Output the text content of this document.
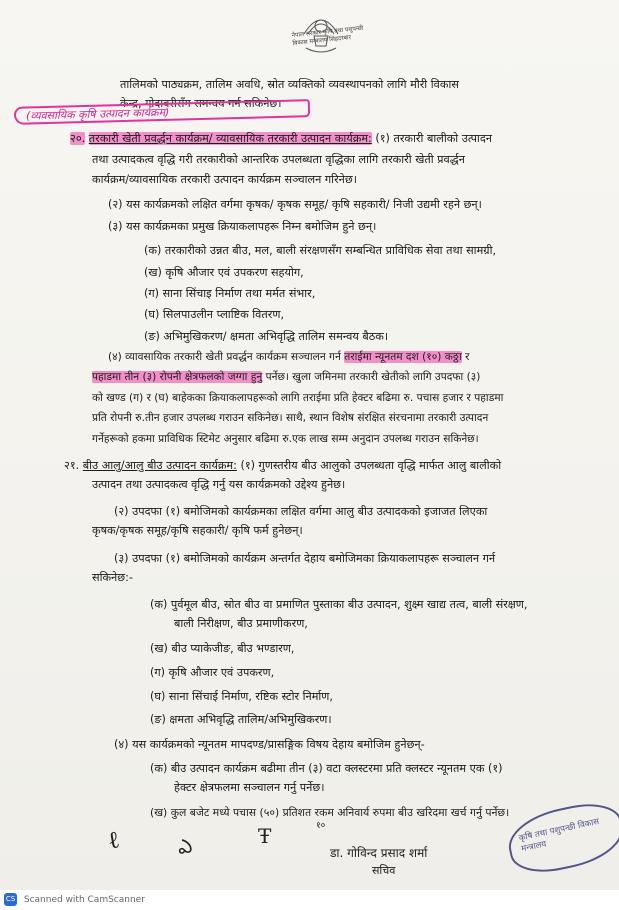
नेपाल सरकार कृषि तथा पशुपन्छी विकास मन्त्रालय सिंहदरबार
तालिमको पाठ्यक्रम, तालिम अवधि, स्रोत व्यक्तिको व्यवस्थापनको लागि मौरी विकास
केन्द्र, गोदावरीसँग समन्वय गर्न सकिनेछ।
(व्यवसायिक कृषि उत्पादन कार्यक्रम)
२०. तरकारी खेती प्रवर्द्धन कार्यक्रम/ व्यावसायिक तरकारी उत्पादन कार्यक्रम: (१) तरकारी बालीको उत्पादन
तथा उत्पादकत्व वृद्धि गरी तरकारीको आन्तरिक उपलब्धता वृद्धिका लागि तरकारी खेती प्रवर्द्धन
कार्यक्रम/व्यावसायिक तरकारी उत्पादन कार्यक्रम सञ्चालन गरिनेछ।
(२) यस कार्यक्रमको लक्षित वर्गमा कृषक/ कृषक समूह/ कृषि सहकारी/ निजी उद्यमी रहने छन्।
(३) यस कार्यक्रमका प्रमुख क्रियाकलापहरू निम्न बमोजिम हुने छन्।
(क) तरकारीको उन्नत बीउ, मल, बाली संरक्षणसँग सम्बन्धित प्राविधिक सेवा तथा सामग्री,
(ख) कृषि औजार एवं उपकरण सहयोग,
(ग) साना सिंचाइ निर्माण तथा मर्मत संभार,
(घ) सिलपाउलीन प्लाष्टिक वितरण,
(ङ) अभिमुखिकरण/ क्षमता अभिवृद्धि तालिम समन्वय बैठक।
(४) व्यावसायिक तरकारी खेती प्रवर्द्धन कार्यक्रम सञ्चालन गर्न तराईमा न्यूनतम दश (१०) कठ्ठा र
पहाडमा तीन (३) रोपनी क्षेत्रफलको जग्गा हुनु पर्नेछ। खुला जमिनमा तरकारी खेतीको लागि उपदफा (३)
को खण्ड (ग) र (घ) बाहेकका क्रियाकलापहरूको लागि तराईमा प्रति हेक्टर बढिमा रु. पचास हजार र पहाडमा
प्रति रोपनी रु.तीन हजार उपलब्ध गराउन सकिनेछ। साथै, स्थान विशेष संरक्षित संरचनामा तरकारी उत्पादन
गर्नेहरूको हकमा प्राविधिक स्टिमेट अनुसार बढिमा रु.एक लाख सम्म अनुदान उपलब्ध गराउन सकिनेछ।
२१. बीउ आलु/आलु बीउ उत्पादन कार्यक्रम: (१) गुणस्तरीय बीउ आलुको उपलब्धता वृद्धि मार्फत आलु बालीको
उत्पादन तथा उत्पादकत्व वृद्धि गर्नु यस कार्यक्रमको उद्देश्य हुनेछ।
(२) उपदफा (१) बमोजिमको कार्यक्रमका लक्षित वर्गमा आलु बीउ उत्पादकको इजाजत लिएका
कृषक/कृषक समूह/कृषि सहकारी/ कृषि फर्म हुनेछन्।
(३) उपदफा (१) बमोजिमको कार्यक्रम अन्तर्गत देहाय बमोजिमका क्रियाकलापहरू सञ्चालन गर्न
सकिनेछ:-
(क) पुर्वमूल बीउ, स्रोत बीउ वा प्रमाणित पुस्ताका बीउ उत्पादन, शुक्ष्म खाद्य तत्व, बाली संरक्षण,
बाली निरीक्षण, बीउ प्रमाणीकरण,
(ख) बीउ प्याकेजीङ, बीउ भण्डारण,
(ग) कृषि औजार एवं उपकरण,
(घ) साना सिंचाई निर्माण, रष्टिक स्टोर निर्माण,
(ङ) क्षमता अभिवृद्धि तालिम/अभिमुखिकरण।
(४) यस कार्यक्रमको न्यूनतम मापदण्ड/प्रासङ्गिक विषय देहाय बमोजिम हुनेछन्-
(क) बीउ उत्पादन कार्यक्रम बढीमा तीन (३) वटा क्लस्टरमा प्रति क्लस्टर न्यूनतम एक (१)
हेक्टर क्षेत्रफलमा सञ्चालन गर्नु पर्नेछ।
(ख) कुल बजेट मध्ये पचास (५०) प्रतिशत रकम अनिवार्य रुपमा बीउ खरिदमा खर्च गर्नु पर्नेछ।
ℓ	ఎ	Ŧ	१०
डा. गोविन्द प्रसाद शर्मा
सचिव
कृषि तथा पशुपन्छी विकास मन्त्रालय
CS Scanned with CamScanner
